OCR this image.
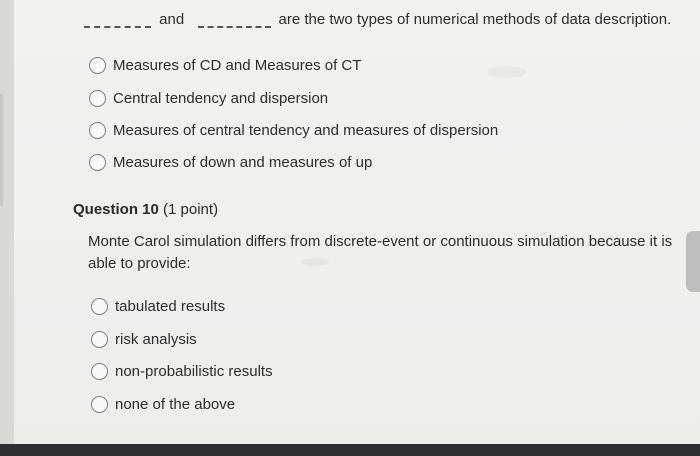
and	are the two types of numerical methods of data description.
Measures of CD and Measures of CT
Central tendency and dispersion
Measures of central tendency and measures of dispersion
Measures of down and measures of up
Question 10 (1 point)
Monte Carol simulation differs from discrete-event or continuous simulation because it is able to provide:
tabulated results
risk analysis
non-probabilistic results
none of the above
